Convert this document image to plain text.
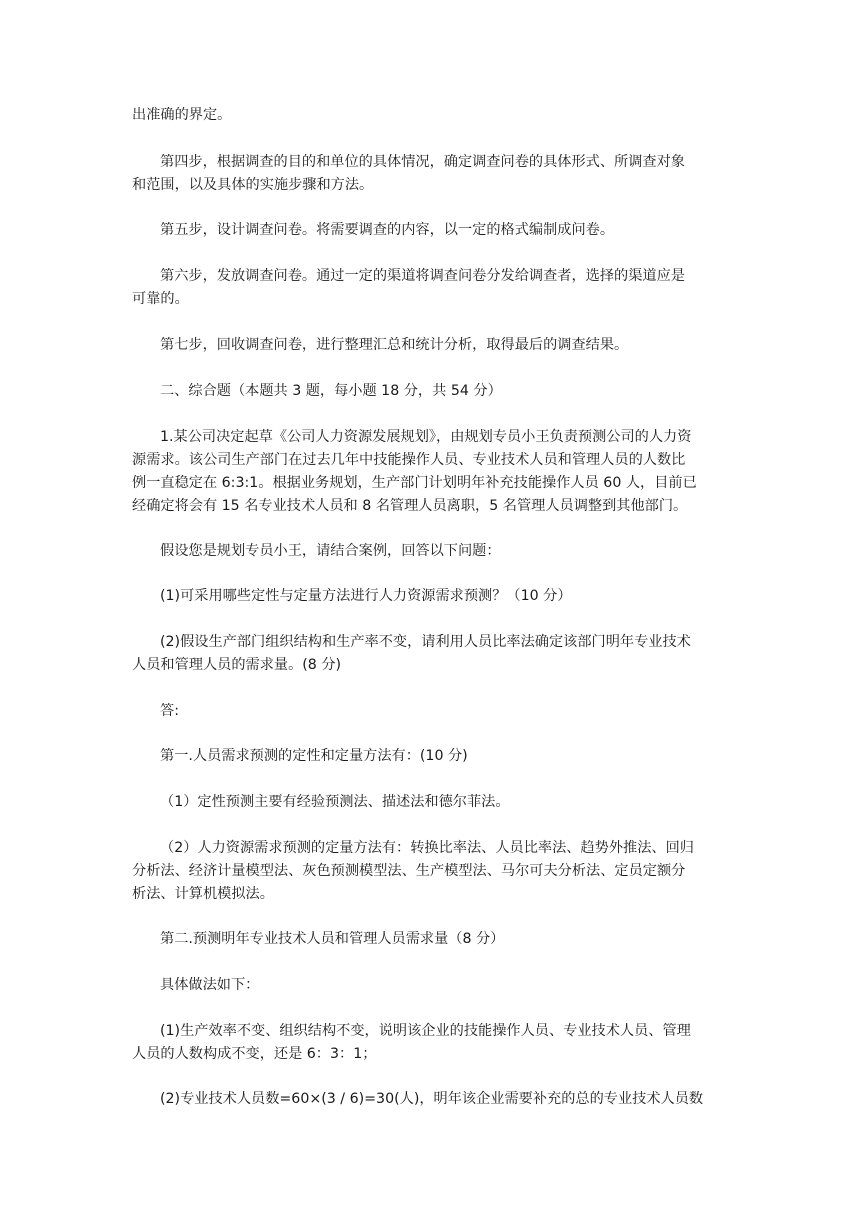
出准确的界定。

第四步，根据调查的目的和单位的具体情况，确定调查问卷的具体形式、所调查对象
和范围，以及具体的实施步骤和方法。

第五步，设计调查问卷。将需要调查的内容，以一定的格式编制成问卷。

第六步，发放调查问卷。通过一定的渠道将调查问卷分发给调查者，选择的渠道应是
可靠的。

第七步，回收调查问卷，进行整理汇总和统计分析，取得最后的调查结果。

二、综合题（本题共 3 题，每小题 18 分，共 54 分）

1.某公司决定起草《公司人力资源发展规划》，由规划专员小王负责预测公司的人力资
源需求。该公司生产部门在过去几年中技能操作人员、专业技术人员和管理人员的人数比
例一直稳定在 6:3:1。根据业务规划，生产部门计划明年补充技能操作人员 60 人，目前已
经确定将会有 15 名专业技术人员和 8 名管理人员离职，5 名管理人员调整到其他部门。

假设您是规划专员小王，请结合案例，回答以下问题：

(1)可采用哪些定性与定量方法进行人力资源需求预测？（10 分）

(2)假设生产部门组织结构和生产率不变，请利用人员比率法确定该部门明年专业技术
人员和管理人员的需求量。(8 分)

答:

第一.人员需求预测的定性和定量方法有：(10 分)

（1）定性预测主要有经验预测法、描述法和德尔菲法。

（2）人力资源需求预测的定量方法有：转换比率法、人员比率法、趋势外推法、回归
分析法、经济计量模型法、灰色预测模型法、生产模型法、马尔可夫分析法、定员定额分
析法、计算机模拟法。

第二.预测明年专业技术人员和管理人员需求量（8 分）

具体做法如下：

(1)生产效率不变、组织结构不变，说明该企业的技能操作人员、专业技术人员、管理
人员的人数构成不变，还是 6：3：1；

(2)专业技术人员数=60×(3 / 6)=30(人)，明年该企业需要补充的总的专业技术人员数
